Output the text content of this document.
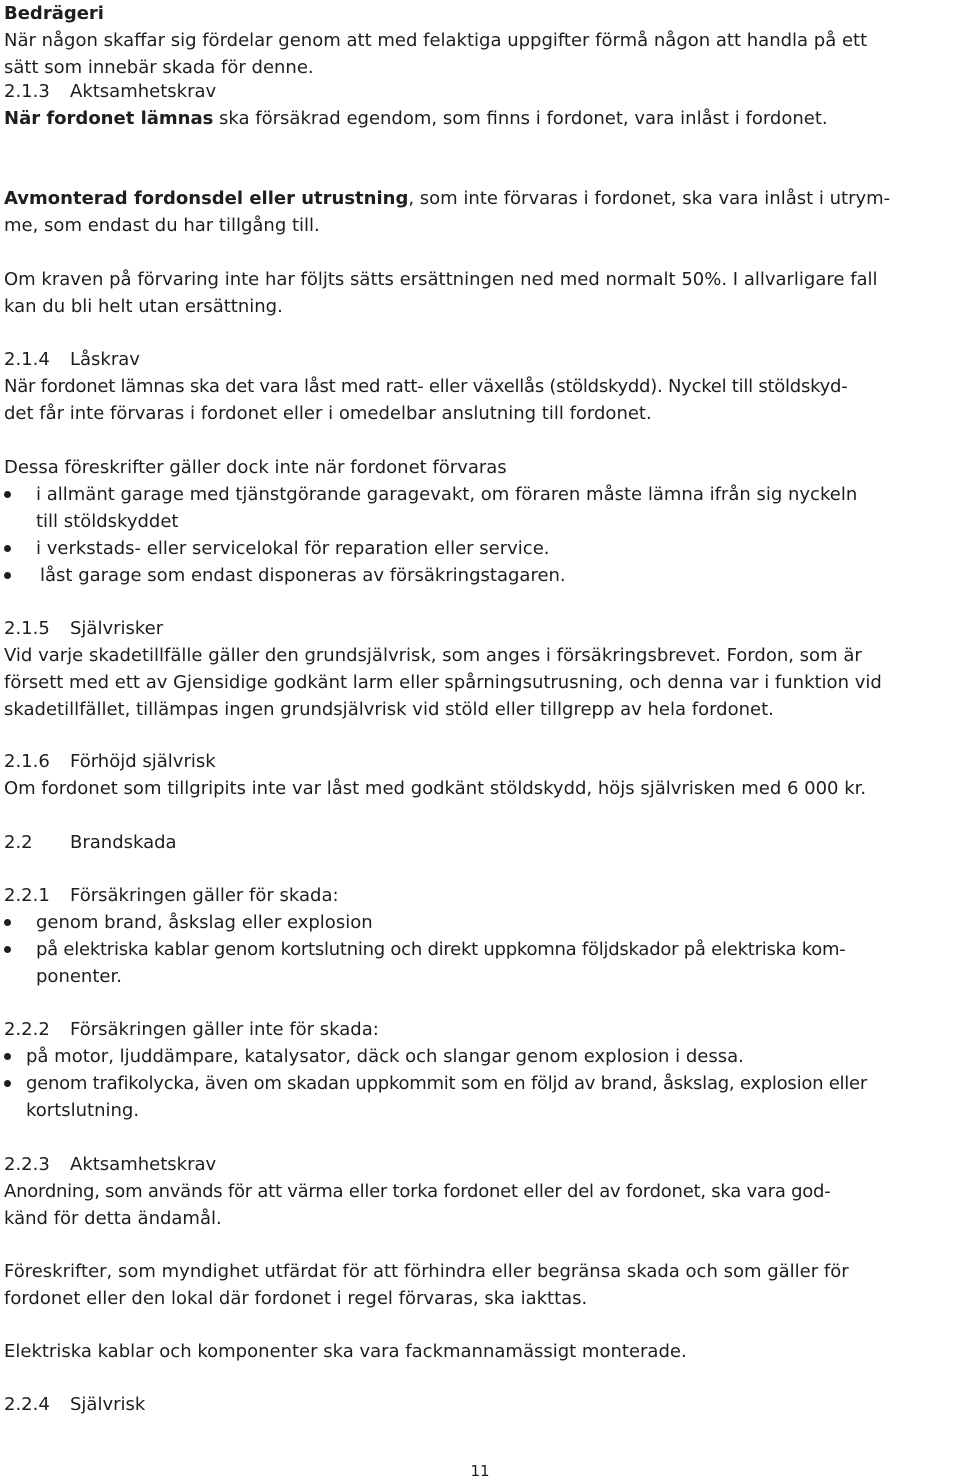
Bedrägeri
När någon skaffar sig fördelar genom att med felaktiga uppgifter förmå någon att handla på ett
sätt som innebär skada för denne.
2.1.3 Aktsamhetskrav
När fordonet lämnas ska försäkrad egendom, som finns i fordonet, vara inlåst i fordonet.
Avmonterad fordonsdel eller utrustning, som inte förvaras i fordonet, ska vara inlåst i utrym-
me, som endast du har tillgång till.
Om kraven på förvaring inte har följts sätts ersättningen ned med normalt 50%. I allvarligare fall
kan du bli helt utan ersättning.
2.1.4 Låskrav
När fordonet lämnas ska det vara låst med ratt- eller växellås (stöldskydd). Nyckel till stöldskyd-
det får inte förvaras i fordonet eller i omedelbar anslutning till fordonet.
Dessa föreskrifter gäller dock inte när fordonet förvaras
i allmänt garage med tjänstgörande garagevakt, om föraren måste lämna ifrån sig nyckeln
till stöldskyddet
i verkstads- eller servicelokal för reparation eller service.
låst garage som endast disponeras av försäkringstagaren.
2.1.5 Självrisker
Vid varje skadetillfälle gäller den grundsjälvrisk, som anges i försäkringsbrevet. Fordon, som är
försett med ett av Gjensidige godkänt larm eller spårningsutrusning, och denna var i funktion vid
skadetillfället, tillämpas ingen grundsjälvrisk vid stöld eller tillgrepp av hela fordonet.
2.1.6 Förhöjd självrisk
Om fordonet som tillgripits inte var låst med godkänt stöldskydd, höjs självrisken med 6 000 kr.
2.2 Brandskada
2.2.1 Försäkringen gäller för skada:
genom brand, åskslag eller explosion
på elektriska kablar genom kortslutning och direkt uppkomna följdskador på elektriska kom-
ponenter.
2.2.2 Försäkringen gäller inte för skada:
på motor, ljuddämpare, katalysator, däck och slangar genom explosion i dessa.
genom trafikolycka, även om skadan uppkommit som en följd av brand, åskslag, explosion eller
kortslutning.
2.2.3 Aktsamhetskrav
Anordning, som används för att värma eller torka fordonet eller del av fordonet, ska vara god-
känd för detta ändamål.
Föreskrifter, som myndighet utfärdat för att förhindra eller begränsa skada och som gäller för
fordonet eller den lokal där fordonet i regel förvaras, ska iakttas.
Elektriska kablar och komponenter ska vara fackmannamässigt monterade.
2.2.4 Självrisk
11
